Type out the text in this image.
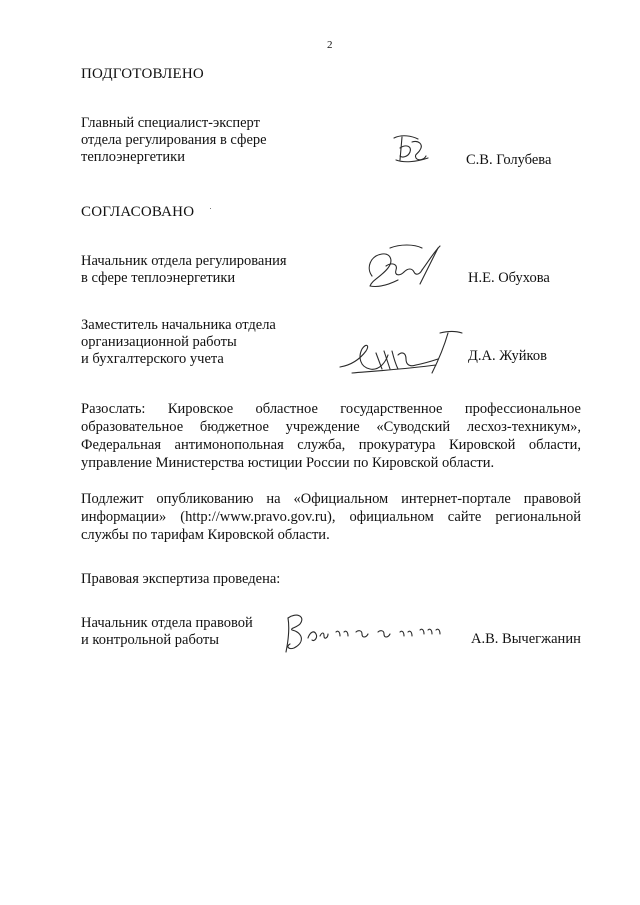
2
ПОДГОТОВЛЕНО
Главный специалист-эксперт
отдела регулирования в сфере
теплоэнергетики	С.В. Голубева
СОГЛАСОВАНО
Начальник отдела регулирования
в сфере теплоэнергетики	Н.Е. Обухова
Заместитель начальника отдела
организационной работы
и бухгалтерского учета	Д.А. Жуйков
Разослать: Кировское областное государственное профессиональное образовательное бюджетное учреждение «Суводский лесхоз-техникум», Федеральная антимонопольная служба, прокуратура Кировской области, управление Министерства юстиции России по Кировской области.
Подлежит опубликованию на «Официальном интернет-портале правовой информации» (http://www.pravo.gov.ru), официальном сайте региональной службы по тарифам Кировской области.
Правовая экспертиза проведена:
Начальник отдела правовой
и контрольной работы	А.В. Вычегжанин
